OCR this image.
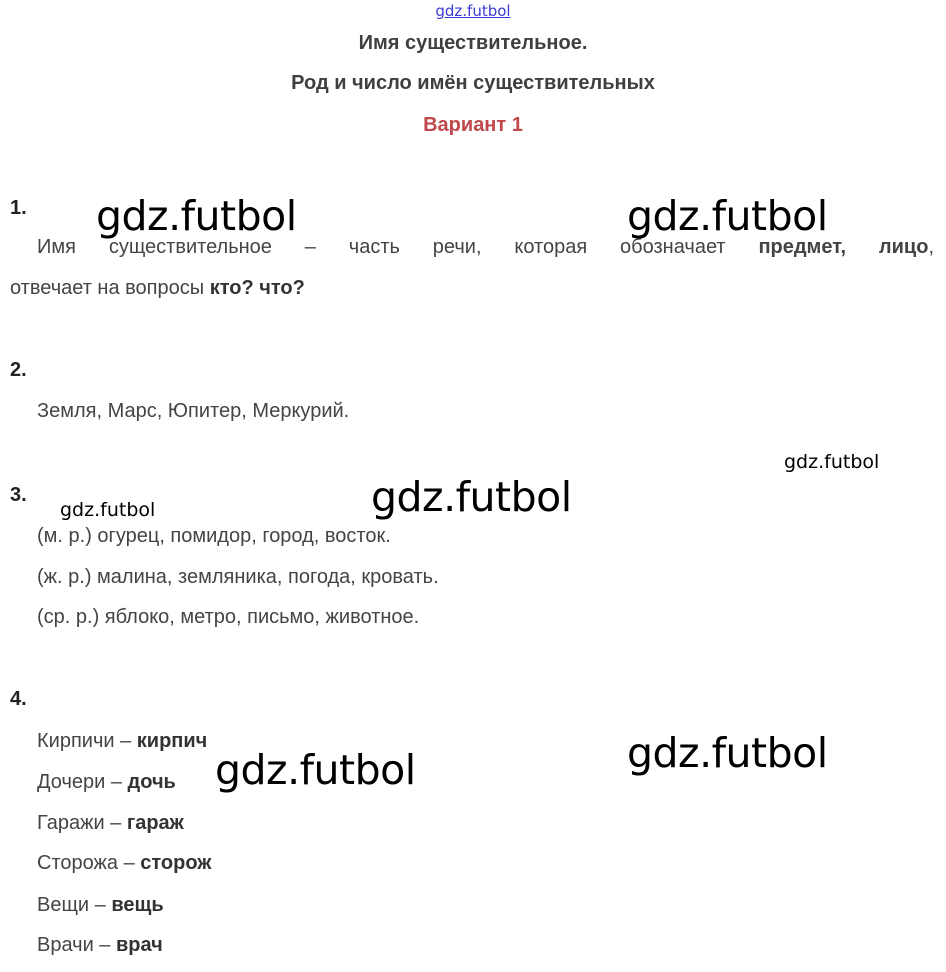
gdz.futbol
Имя существительное.
Род и число имён существительных
Вариант 1
1.
Имя существительное – часть речи, которая обозначает предмет, лицо,
отвечает на вопросы кто? что?
2.
Земля, Марс, Юпитер, Меркурий.
3.
(м. р.) огурец, помидор, город, восток.
(ж. р.) малина, земляника, погода, кровать.
(ср. р.) яблоко, метро, письмо, животное.
4.
Кирпичи – кирпич
Дочери – дочь
Гаражи – гараж
Сторожа – сторож
Вещи – вещь
Врачи – врач
gdz.futbol	gdz.futbol
gdz.futbol
gdz.futbol	gdz.futbol
gdz.futbol
gdz.futbol
